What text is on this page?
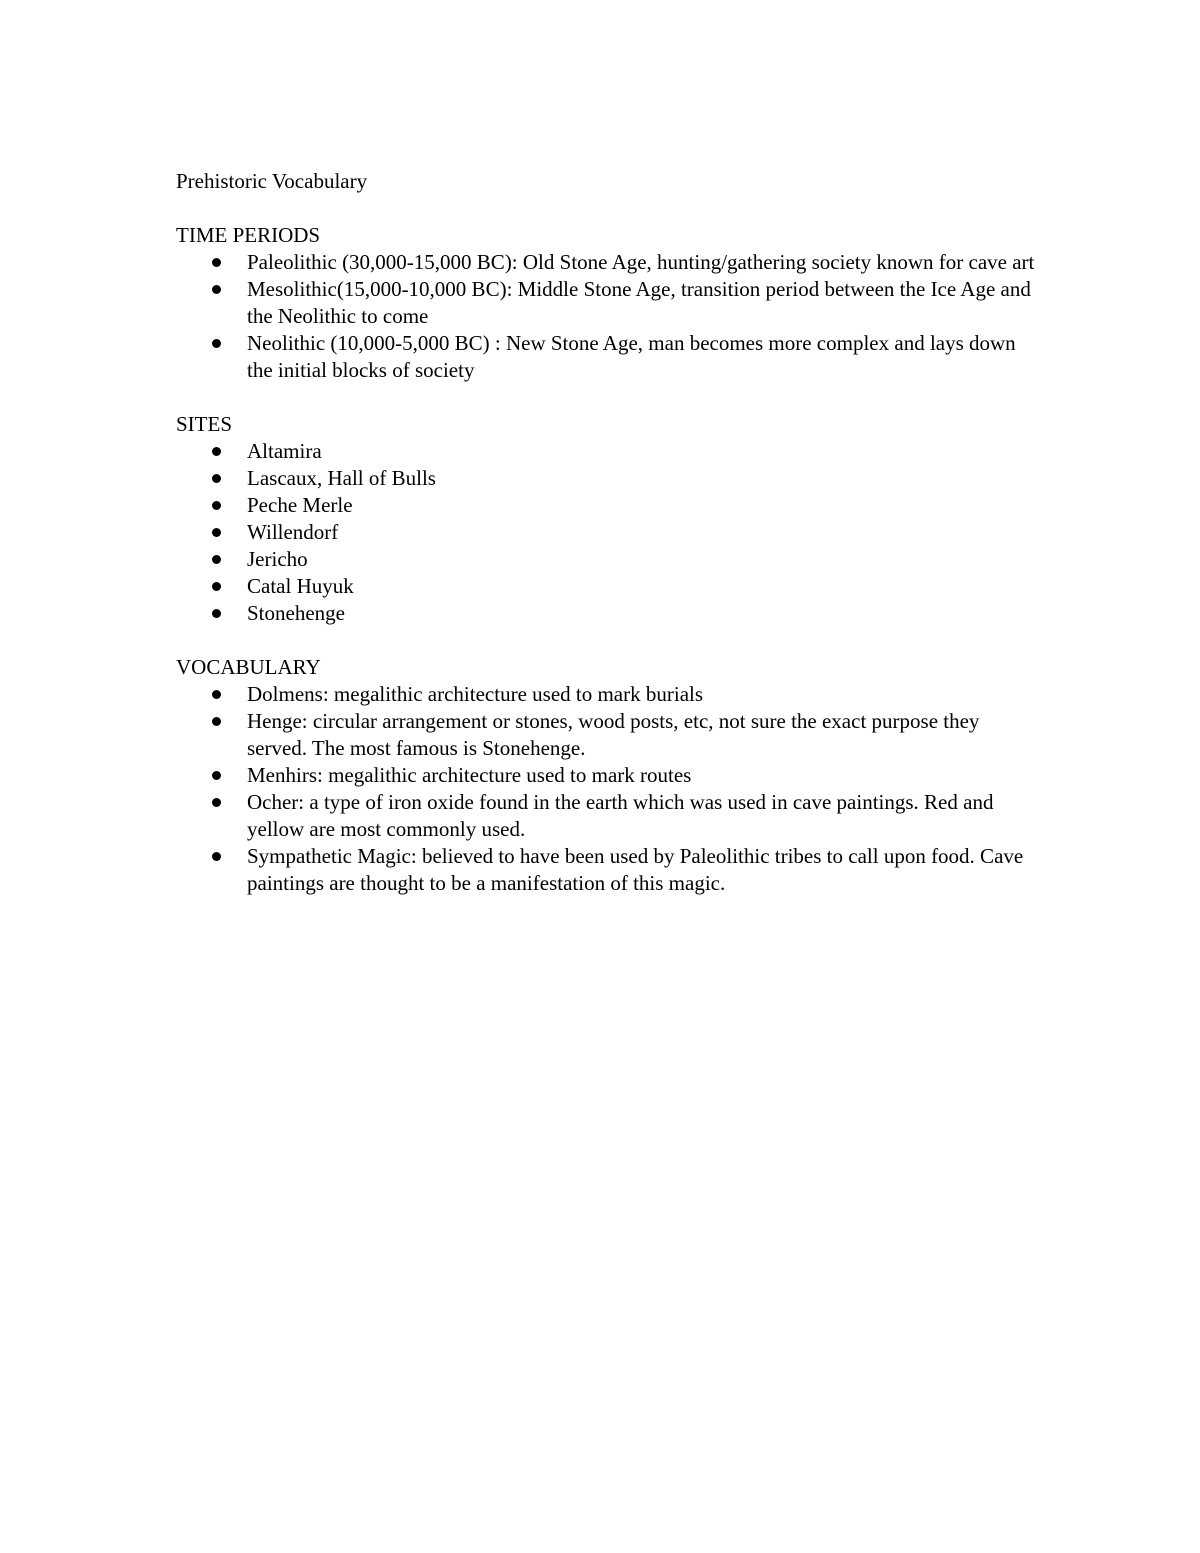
Prehistoric Vocabulary
TIME PERIODS
Paleolithic (30,000-15,000 BC): Old Stone Age, hunting/gathering society known for cave art
Mesolithic(15,000-10,000 BC): Middle Stone Age, transition period between the Ice Age and the Neolithic to come
Neolithic (10,000-5,000 BC) : New Stone Age, man becomes more complex and lays down the initial blocks of society
SITES
Altamira
Lascaux, Hall of Bulls
Peche Merle
Willendorf
Jericho
Catal Huyuk
Stonehenge
VOCABULARY
Dolmens: megalithic architecture used to mark burials
Henge: circular arrangement or stones, wood posts, etc, not sure the exact purpose they served. The most famous is Stonehenge.
Menhirs: megalithic architecture used to mark routes
Ocher: a type of iron oxide found in the earth which was used in cave paintings. Red and yellow are most commonly used.
Sympathetic Magic: believed to have been used by Paleolithic tribes to call upon food. Cave paintings are thought to be a manifestation of this magic.
